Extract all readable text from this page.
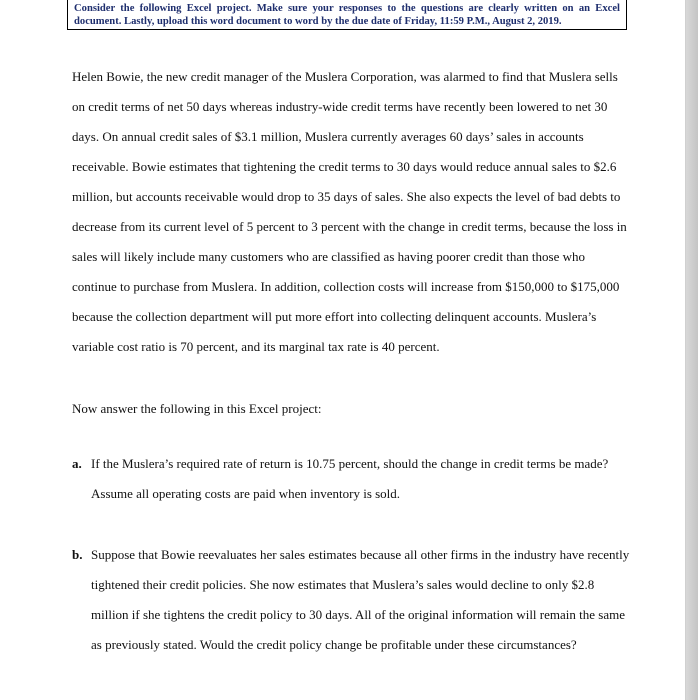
Consider the following Excel project. Make sure your responses to the questions are clearly written on an Excel document. Lastly, upload this word document to word by the due date of Friday, 11:59 P.M., August 2, 2019.

Helen Bowie, the new credit manager of the Muslera Corporation, was alarmed to find that Muslera sells on credit terms of net 50 days whereas industry-wide credit terms have recently been lowered to net 30 days. On annual credit sales of $3.1 million, Muslera currently averages 60 days’ sales in accounts receivable. Bowie estimates that tightening the credit terms to 30 days would reduce annual sales to $2.6 million, but accounts receivable would drop to 35 days of sales. She also expects the level of bad debts to decrease from its current level of 5 percent to 3 percent with the change in credit terms, because the loss in sales will likely include many customers who are classified as having poorer credit than those who continue to purchase from Muslera. In addition, collection costs will increase from $150,000 to $175,000 because the collection department will put more effort into collecting delinquent accounts. Muslera’s variable cost ratio is 70 percent, and its marginal tax rate is 40 percent.

Now answer the following in this Excel project:

a. If the Muslera’s required rate of return is 10.75 percent, should the change in credit terms be made? Assume all operating costs are paid when inventory is sold.

b. Suppose that Bowie reevaluates her sales estimates because all other firms in the industry have recently tightened their credit policies. She now estimates that Muslera’s sales would decline to only $2.8 million if she tightens the credit policy to 30 days. All of the original information will remain the same as previously stated. Would the credit policy change be profitable under these circumstances?
